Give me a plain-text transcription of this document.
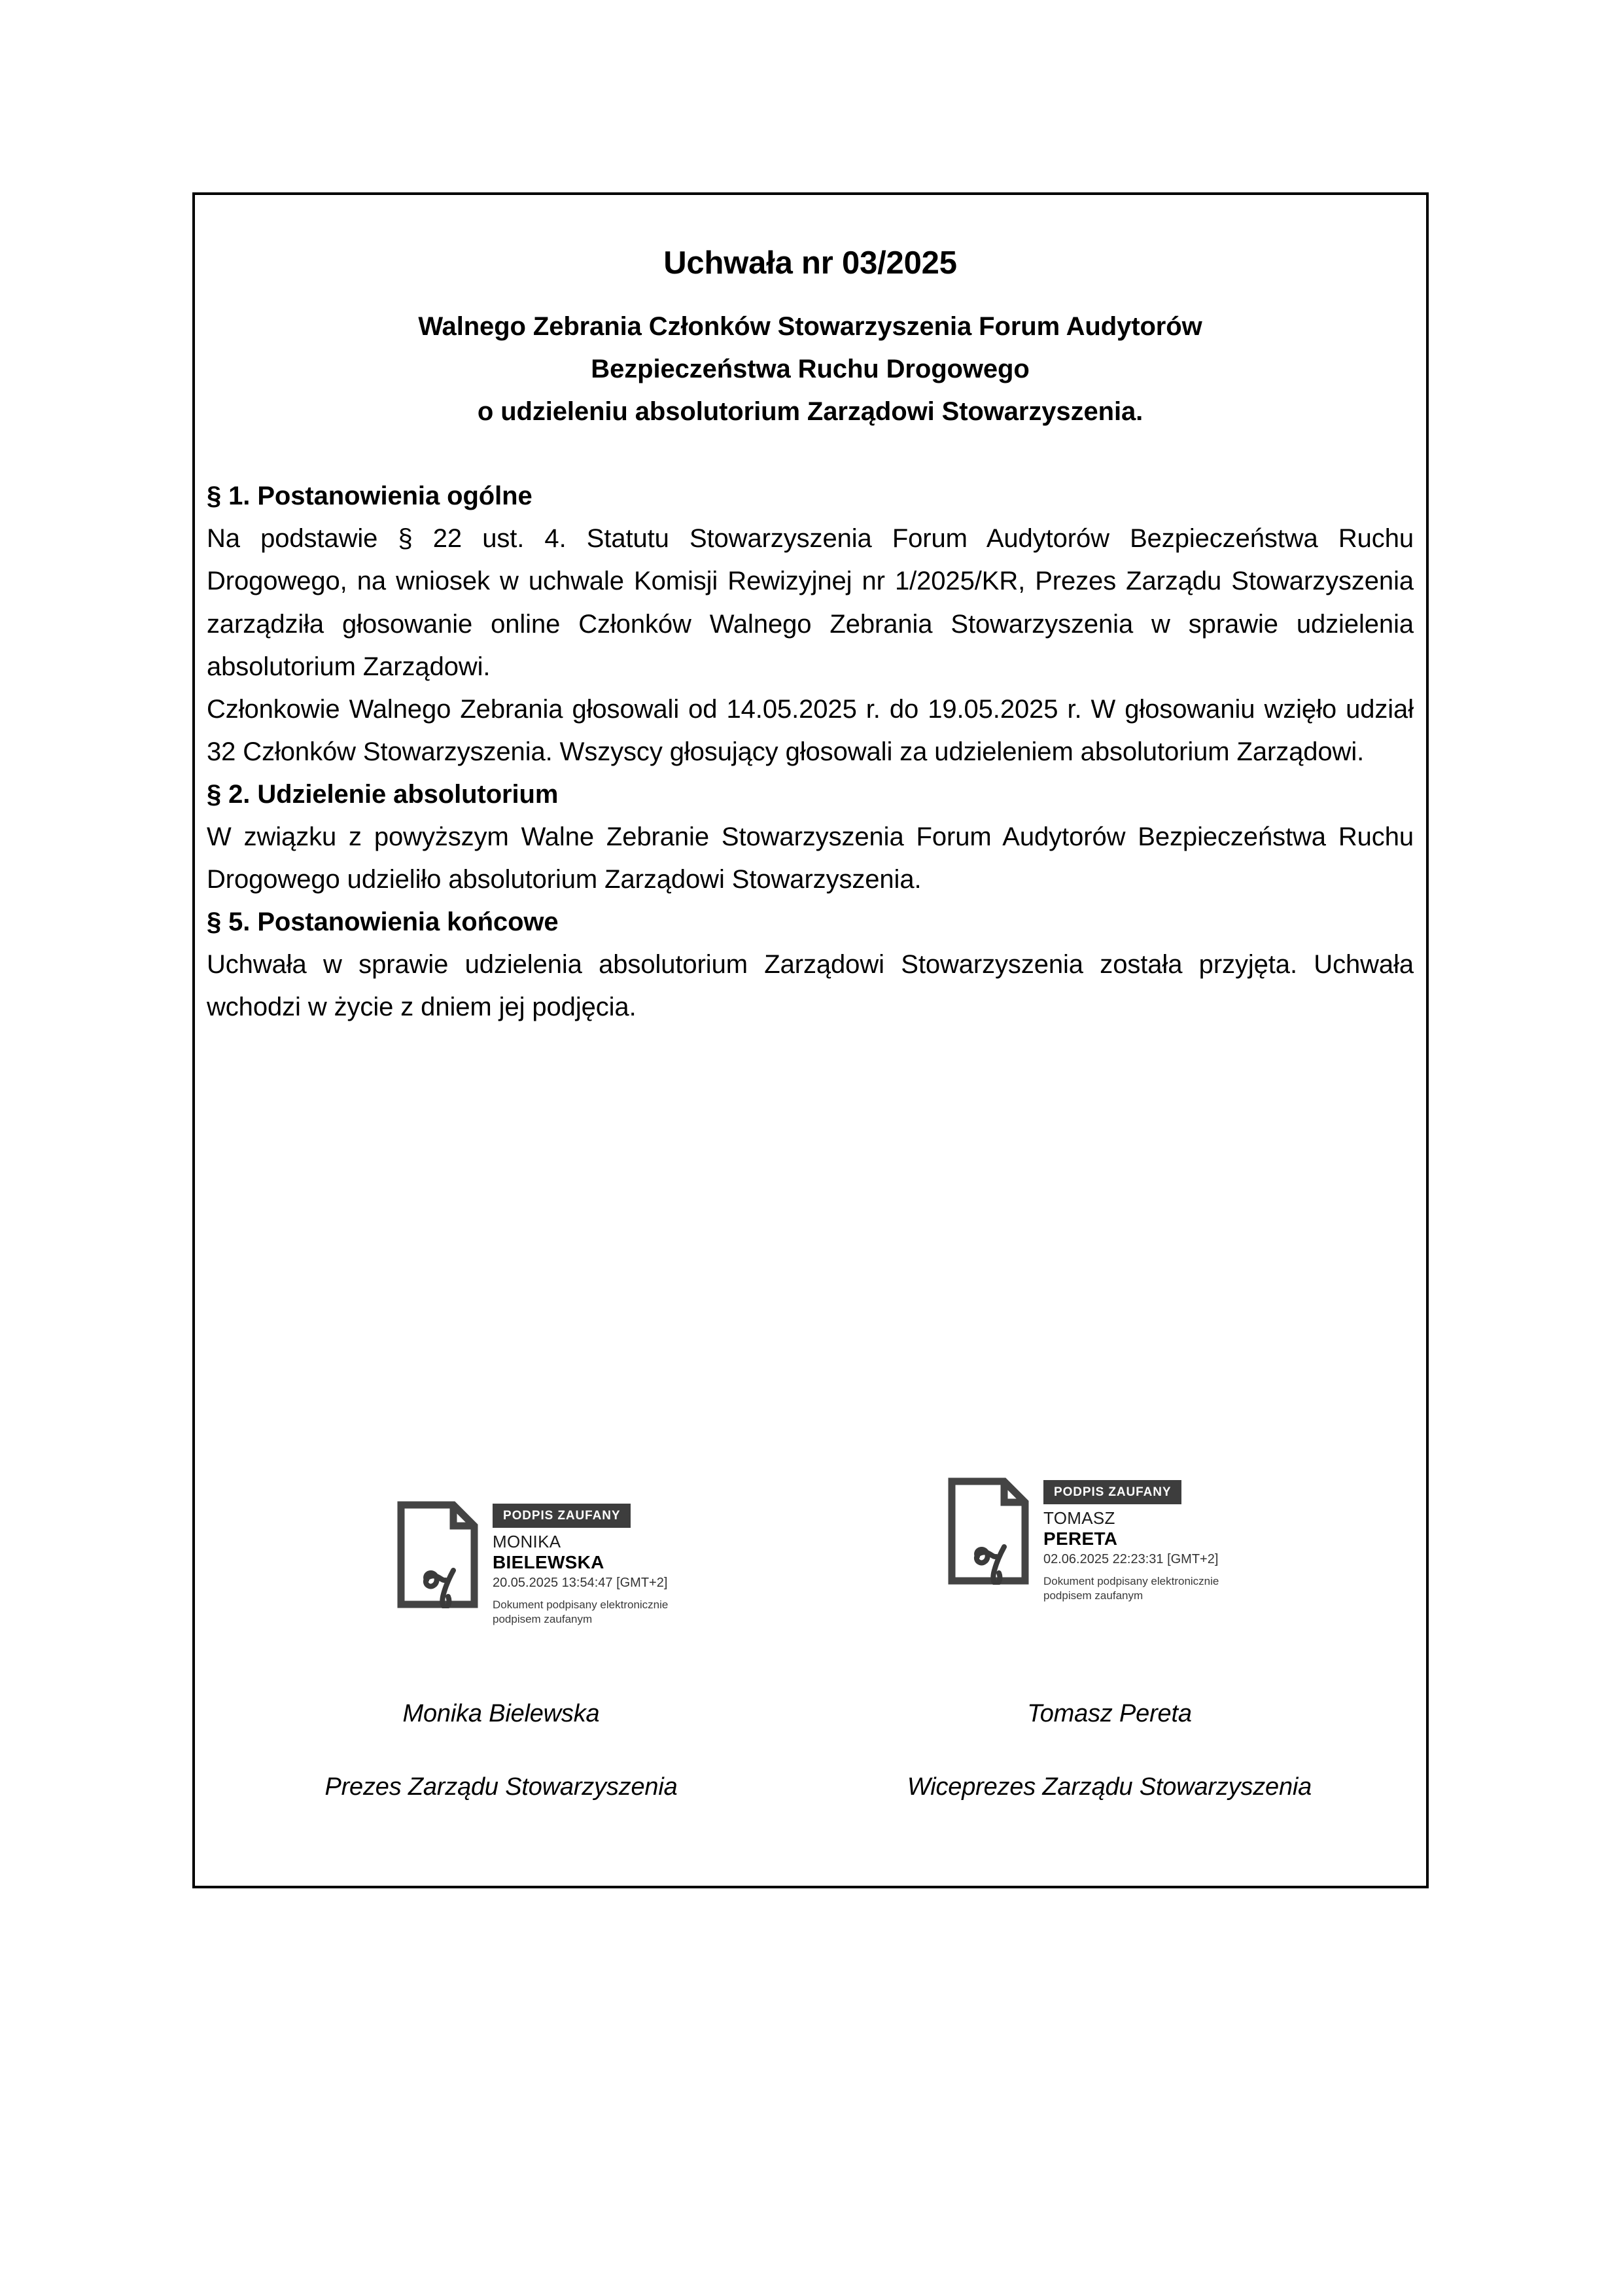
Uchwała nr 03/2025
Walnego Zebrania Członków Stowarzyszenia Forum Audytorów
Bezpieczeństwa Ruchu Drogowego
o udzieleniu absolutorium Zarządowi Stowarzyszenia.
§ 1. Postanowienia ogólne
Na podstawie § 22 ust. 4. Statutu Stowarzyszenia Forum Audytorów Bezpieczeństwa Ruchu Drogowego, na wniosek w uchwale Komisji Rewizyjnej nr 1/2025/KR, Prezes Zarządu Stowarzyszenia zarządziła głosowanie online Członków Walnego Zebrania Stowarzyszenia w sprawie udzielenia absolutorium Zarządowi.
Członkowie Walnego Zebrania głosowali od 14.05.2025 r. do 19.05.2025 r. W głosowaniu wzięło udział 32 Członków Stowarzyszenia. Wszyscy głosujący głosowali za udzieleniem absolutorium Zarządowi.
§ 2. Udzielenie absolutorium
W związku z powyższym Walne Zebranie Stowarzyszenia Forum Audytorów Bezpieczeństwa Ruchu Drogowego udzieliło absolutorium Zarządowi Stowarzyszenia.
§ 5. Postanowienia końcowe
Uchwała w sprawie udzielenia absolutorium Zarządowi Stowarzyszenia została przyjęta. Uchwała wchodzi w życie z dniem jej podjęcia.
PODPIS ZAUFANY
MONIKA
BIELEWSKA
20.05.2025 13:54:47 [GMT+2]
Dokument podpisany elektronicznie
podpisem zaufanym
PODPIS ZAUFANY
TOMASZ
PERETA
02.06.2025 22:23:31 [GMT+2]
Dokument podpisany elektronicznie
podpisem zaufanym
Monika Bielewska	Tomasz Pereta
Prezes Zarządu Stowarzyszenia	Wiceprezes Zarządu Stowarzyszenia
